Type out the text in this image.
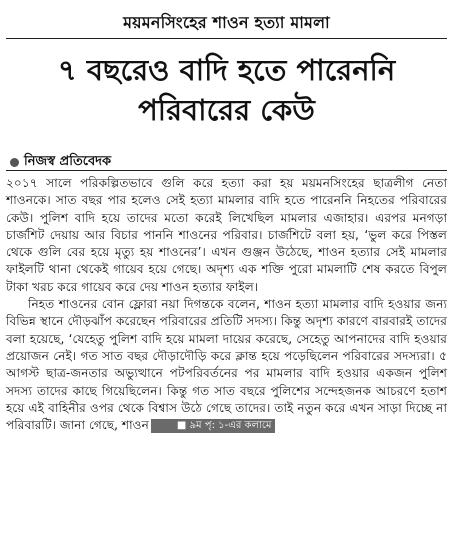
ময়মনসিংহের শাওন হত্যা মামলা
৭ বছরেও বাদি হতে পারেননি
পরিবারের কেউ
নিজস্ব প্রতিবেদক

২০১৭ সালে পরিকল্পিতভাবে গুলি করে হত্যা করা হয় ময়মনসিংহের ছাত্রলীগ নেতা শাওনকে। সাত বছর পার হলেও সেই হত্যা মামলার বাদি হতে পারেননি নিহতের পরিবারের কেউ। পুলিশ বাদি হয়ে তাদের মতো করেই লিখেছিল মামলার এজাহার। এরপর মনগড়া চার্জশিট দেয়ায় আর বিচার পাননি শাওনের পরিবার। চার্জশিটে বলা হয়, ‘ভুল করে পিস্তল থেকে গুলি বের হয়ে মৃত্যু হয় শাওনের’। এখন গুঞ্জন উঠেছে, শাওন হত্যার সেই মামলার ফাইলটি থানা থেকেই গায়েব হয়ে গেছে। অদৃশ্য এক শক্তি পুরো মামলাটি শেষ করতে বিপুল টাকা খরচ করে গায়েব করে দেয় শাওন হত্যার ফাইল।

নিহত শাওনের বোন ফ্লোরা নয়া দিগন্তকে বলেন, শাওন হত্যা মামলার বাদি হওয়ার জন্য বিভিন্ন স্থানে দৌড়ঝাঁপ করেছেন পরিবারের প্রতিটি সদস্য। কিন্তু অদৃশ্য কারণে বারবারই তাদের বলা হয়েছে, ‘যেহেতু পুলিশ বাদি হয়ে মামলা দায়ের করেছে, সেহেতু আপনাদের বাদি হওয়ার প্রয়োজন নেই। গত সাত বছর দৌড়াদৌড়ি করে ক্লান্ত হয়ে পড়েছিলেন পরিবারের সদস্যরা। ৫ আগস্ট ছাত্র-জনতার অভ্যুত্থানে পটপরিবর্তনের পর মামলার বাদি হওয়ার একজন পুলিশ সদস্য তাদের কাছে গিয়েছিলেন। কিন্তু গত সাত বছরে পুলিশের সন্দেহজনক আচরণে হতাশ হয়ে এই বাহিনীর ওপর থেকে বিশ্বাস উঠে গেছে তাদের। তাই নতুন করে এখন সাড়া দিচ্ছে না পরিবারটি। জানা গেছে, শাওন	■ ৯ম পৃ: ১-এর কলামে
